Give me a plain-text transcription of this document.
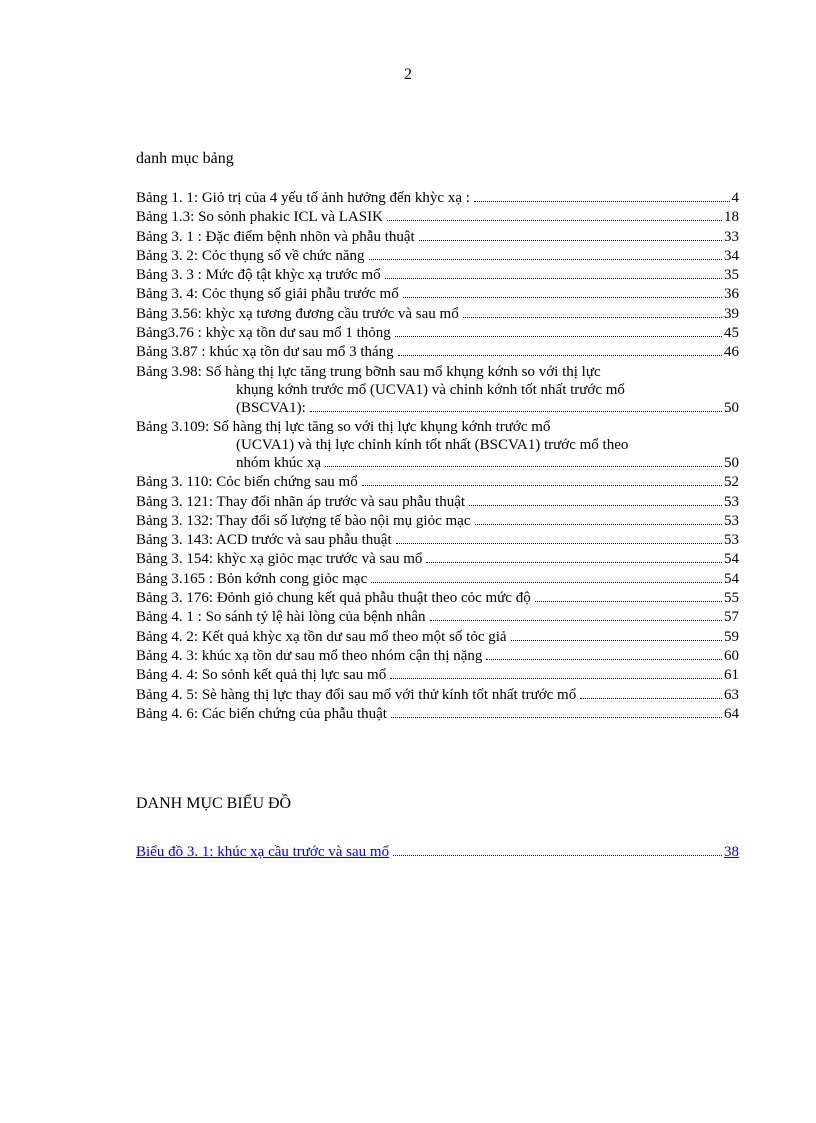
2
danh mục bảng
Bảng 1. 1: Giỏ trị của 4 yếu tố ảnh hưởng đến khỳc xạ :	4
Bảng 1.3: So sỏnh phakic ICL và LASIK	18
Bảng 3. 1 : Đặc điểm bệnh nhõn và phẫu thuật	33
Bảng 3. 2: Cỏc thụng số về chức năng	34
Bảng 3. 3 : Mức độ tật khỳc xạ trước mổ	35
Bảng 3. 4: Cỏc thụng số giải phẫu trước mổ	36
Bảng 3.56: khỳc xạ tương đương cầu trước và sau mổ	39
Bảng3.76 : khỳc xạ tồn dư sau mổ 1 thỏng	45
Bảng 3.87 : khúc xạ tồn dư sau mổ 3 tháng	46
Bảng 3.98: Số hàng thị lực tăng trung bỡnh sau mổ khụng kớnh so với thị lực
khụng kớnh trước mổ (UCVA1) và chỉnh kớnh tốt nhất trước mổ
(BSCVA1):	50
Bảng 3.109: Số hàng thị lực tăng so với thị lực khụng kớnh trước mổ
(UCVA1) và thị lực chỉnh kính tốt nhất (BSCVA1) trước mổ theo
nhóm khúc xạ	50
Bảng 3. 110: Cỏc biến chứng sau mổ	52
Bảng 3. 121: Thay đổi nhãn áp trước và sau phẫu thuật	53
Bảng 3. 132: Thay đổi số lượng tế bào nội mụ giỏc mạc	53
Bảng 3. 143: ACD trước và sau phẫu thuật	53
Bảng 3. 154: khỳc xạ giỏc mạc trước và sau mổ	54
Bảng 3.165 : Bỏn kớnh cong giỏc mạc	54
Bảng 3. 176: Đỏnh giỏ chung kết quả phẫu thuật theo cỏc mức độ	55
Bảng 4. 1 : So sánh tỷ lệ hài lòng của bệnh nhân	57
Bảng 4. 2: Kết quả khỳc xạ tồn dư sau mổ theo một số tỏc giả	59
Bảng 4. 3: khúc xạ tồn dư sau mổ theo nhóm cận thị nặng	60
Bảng 4. 4: So sỏnh kết quả thị lực sau mổ	61
Bảng 4. 5: Sè hàng thị lực thay đổi sau mổ với thử kính tốt nhất trước mổ	63
Bảng 4. 6: Các biến chứng của phẫu thuật	64
DANH MỤC BIỂU ĐỒ
Biểu đồ 3. 1: khúc xạ cầu trước và sau mổ	38
